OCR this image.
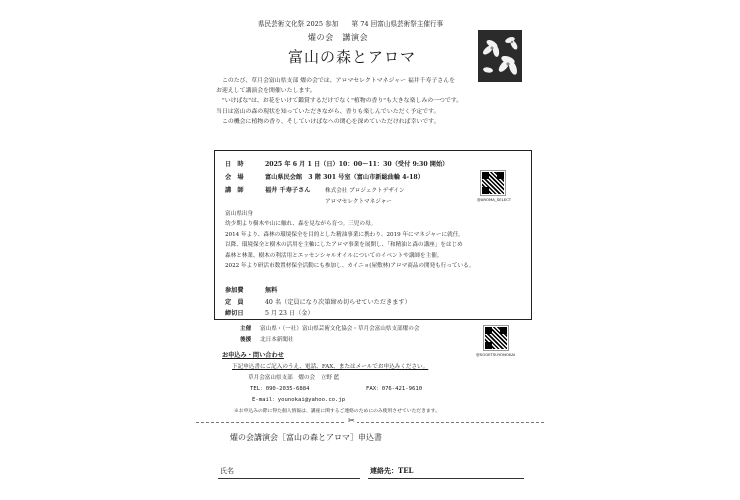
県民芸術文化祭 2025 参加　　第 74 回富山県芸術祭主催行事
燿の会　講演会
富山の森とアロマ

このたび、草月会富山県支部 燿の会では、アロマセレクトマネジャー 福井千寿子さんを

お迎えして講演会を開催いたします。

"いけばな"は、お花をいけて鑑賞するだけでなく"植物の香り"も大きな楽しみの一つです。

当日は富山の森の現状を知っていただきながら、香りも楽しんでいただく予定です。

この機会に植物の香り、そしていけばなへの関心を深めていただければ幸いです。

日　時	2025 年 6 月 1 日（日）10：00～11：30（受付 9:30 開始）
会　場	富山県民会館　3 階 301 号室（富山市新総曲輪 4-18）
講　師	福井 千寿子さん	株式会社 プロジェクトデザイン
アロマセレクトマネジャー	@AROMA_SELECT

富山県出身

幼少期より樹木や山に触れ、森を見ながら育つ。三児の母。

2014 年より、森林の環境保全を目的とした精油事業に携わり、2019 年にマネジャーに就任。

以降、環境保全と樹木の活用を主軸にしたアロマ事業を展開し、「和精油と森の講座」をはじめ

森林と林業、樹木の利活用とエッセンシャルオイルについてのイベントや講師を主催。

2022 年より研活市数置材保全活動にも参加し、カイニョ(屋敷林)アロマ商品の開発も行っている。

参加費	無料
定　員	40 名（定員になり次第締め切らせていただきます）
締切日	5 月 23 日（金）
主催 富山県・（一社）富山県芸術文化協会・草月会富山県支部燿の会
後援 北日本新聞社
@SOGETSUYONOKAI
お申込み・問い合わせ
下記申込書にご記入のうえ、電話、FAX、またはメールでお申込みください。
草月会富山県支部　燿の会　立野 藍
TEL：090-2035-6884	FAX：076-421-9610
E-mail：younokai@yahoo.co.jp
※お申込みの際に得た個人情報は、講座に関するご連絡のためにのみ使用させていただきます。
✂
燿の会講演会［富山の森とアロマ］申込書
氏名	連絡先：TEL
